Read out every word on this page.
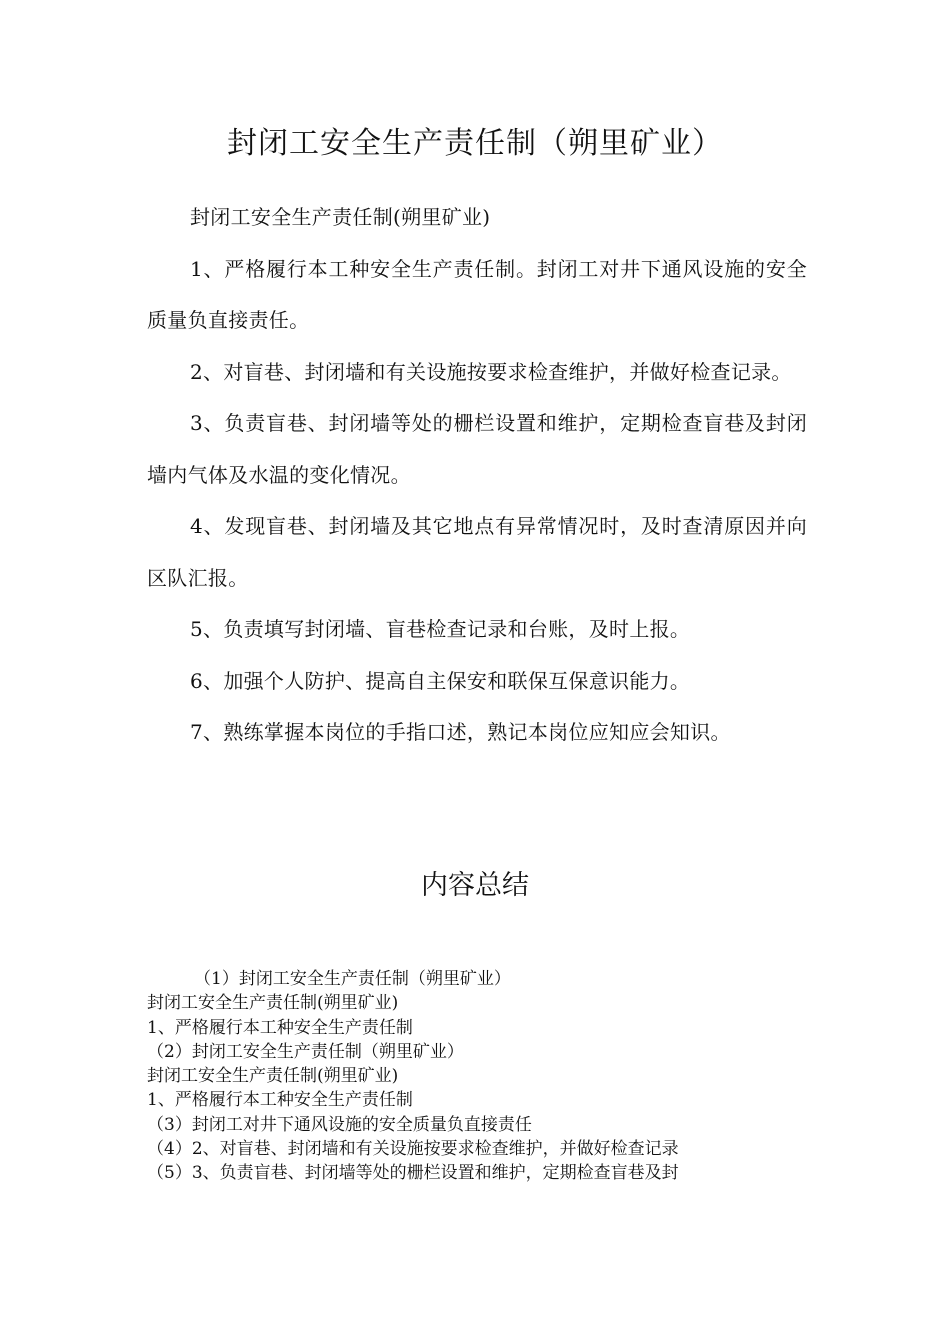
封闭工安全生产责任制（朔里矿业）

封闭工安全生产责任制(朔里矿业)

1、严格履行本工种安全生产责任制。封闭工对井下通风设施的安全质量负直接责任。

2、对盲巷、封闭墙和有关设施按要求检查维护，并做好检查记录。

3、负责盲巷、封闭墙等处的栅栏设置和维护，定期检查盲巷及封闭墙内气体及水温的变化情况。

4、发现盲巷、封闭墙及其它地点有异常情况时，及时查清原因并向区队汇报。

5、负责填写封闭墙、盲巷检查记录和台账，及时上报。

6、加强个人防护、提高自主保安和联保互保意识能力。

7、熟练掌握本岗位的手指口述，熟记本岗位应知应会知识。

内容总结
（1）封闭工安全生产责任制（朔里矿业）
封闭工安全生产责任制(朔里矿业)
1、严格履行本工种安全生产责任制
（2）封闭工安全生产责任制（朔里矿业）
封闭工安全生产责任制(朔里矿业)
1、严格履行本工种安全生产责任制
（3）封闭工对井下通风设施的安全质量负直接责任
（4）2、对盲巷、封闭墙和有关设施按要求检查维护，并做好检查记录
（5）3、负责盲巷、封闭墙等处的栅栏设置和维护，定期检查盲巷及封
